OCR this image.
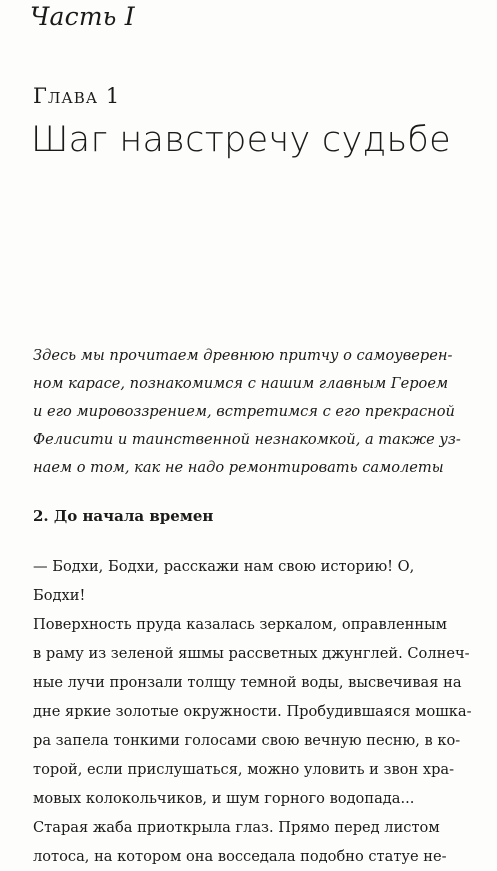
Часть I
Глава 1
Шаг навстречу судьбе

Здесь мы прочитаем древнюю притчу о самоуверен-
ном карасе, познакомимся с нашим главным Героем
и его мировоззрением, встретимся с его прекрасной
Фелисити и таинственной незнакомкой, а также уз-
наем о том, как не надо ремонтировать самолеты

2. До начала времен
— Бодхи, Бодхи, расскажи нам свою историю! О,
Бодхи!
Поверхность пруда казалась зеркалом, оправленным
в раму из зеленой яшмы рассветных джунглей. Солнеч-
ные лучи пронзали толщу темной воды, высвечивая на
дне яркие золотые окружности. Пробудившаяся мошка-
ра запела тонкими голосами свою вечную песню, в ко-
торой, если прислушаться, можно уловить и звон хра-
мовых колокольчиков, и шум горного водопада...
Старая жаба приоткрыла глаз. Прямо перед листом
лотоса, на котором она восседала подобно статуе не-
